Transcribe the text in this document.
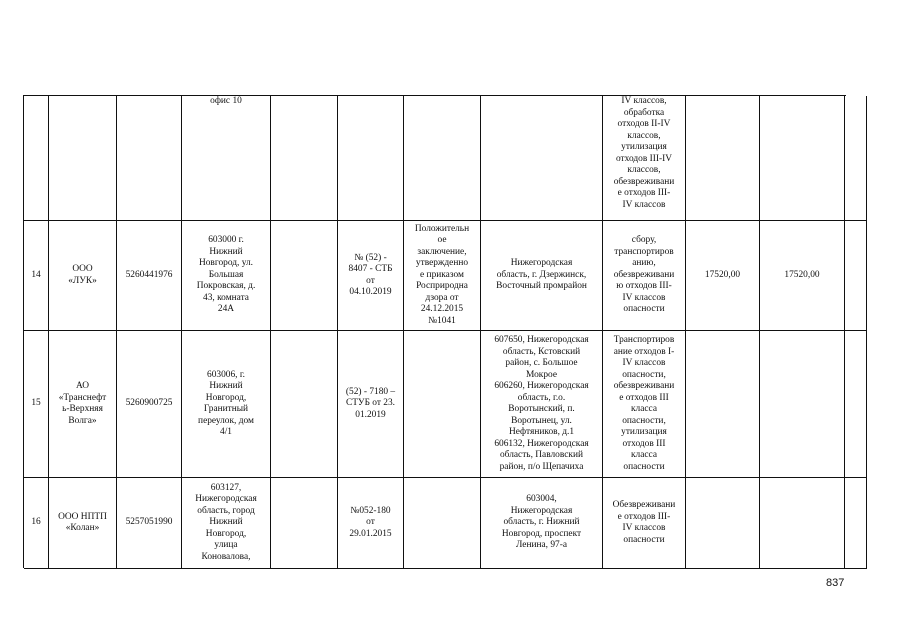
офис 10	IV классов,
обработка
отходов II-IV
классов,
утилизация
отходов III-IV
классов,
обезвреживани
е отходов III-
IV классов
14
ООО
«ЛУК»
5260441976
603000 г.
Нижний
Новгород, ул.
Большая
Покровская, д.
43, комната
24А
№ (52) -
8407 - СТБ
от
04.10.2019
Положительн
ое
заключение,
утвержденно
е приказом
Росприродна
дзора от
24.12.2015
№1041
Нижегородская
область, г. Дзержинск,
Восточный промрайон
сбору,
транспортиров
анию,
обезвреживани
ю отходов III-
IV классов
опасности
17520,00	17520,00
15
АО
«Транснефт
ь-Верхняя
Волга»
5260900725
603006, г.
Нижний
Новгород,
Гранитный
переулок, дом
4/1
(52) - 7180 –
СТУБ от 23.
01.2019
607650, Нижегородская
область, Кстовский
район, с. Большое
Мокрое
606260, Нижегородская
область, г.о.
Воротынский, п.
Воротынец, ул.
Нефтяников, д.1
606132, Нижегородская
область, Павловский
район, п/о Щепачиха
Транспортиров
ание отходов I-
IV классов
опасности,
обезвреживани
е отходов III
класса
опасности,
утилизация
отходов III
класса
опасности
16
ООО НПТП
«Колан»
5257051990
603127,
Нижегородская
область, город
Нижний
Новгород,
улица
Коновалова,
№052-180
от
29.01.2015
603004,
Нижегородская
область, г. Нижний
Новгород, проспект
Ленина, 97-а
Обезвреживани
е отходов III-
IV классов
опасности
837
